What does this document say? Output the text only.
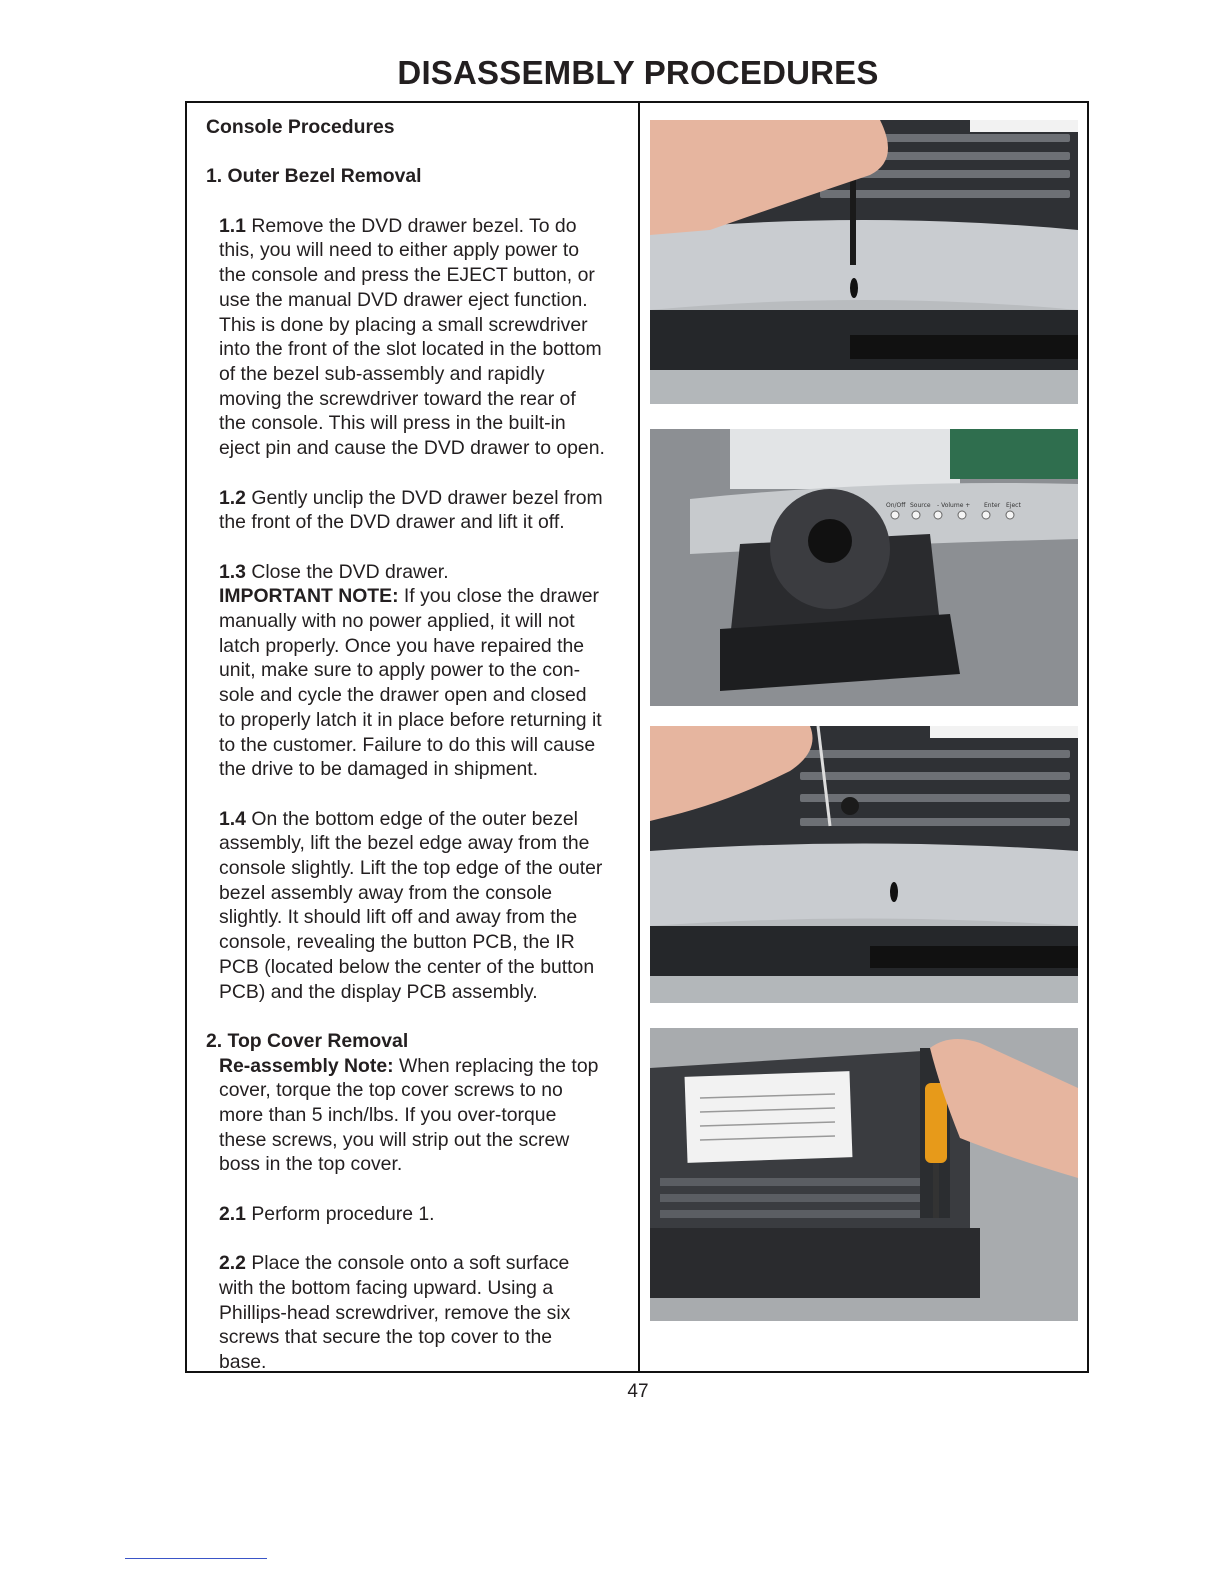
DISASSEMBLY PROCEDURES

Console Procedures

1. Outer Bezel Removal

1.1 Remove the DVD drawer bezel. To do

this, you will need to either apply power to

the console and press the EJECT button, or

use the manual DVD drawer eject function.

This is done by placing a small screwdriver

into the front of the slot located in the bottom

of the bezel sub-assembly and rapidly

moving the screwdriver toward the rear of

the console. This will press in the built-in

eject pin and cause the DVD drawer to open.

1.2 Gently unclip the DVD drawer bezel from

the front of the DVD drawer and lift it off.

1.3 Close the DVD drawer.

IMPORTANT NOTE: If you close the drawer

manually with no power applied, it will not

latch properly. Once you have repaired the

unit, make sure to apply power to the con-

sole and cycle the drawer open and closed

to properly latch it in place before returning it

to the customer. Failure to do this will cause

the drive to be damaged in shipment.

1.4 On the bottom edge of the outer bezel

assembly, lift the bezel edge away from the

console slightly. Lift the top edge of the outer

bezel assembly away from the console

slightly. It should lift off and away from the

console, revealing the button PCB, the IR

PCB (located below the center of the button

PCB) and the display PCB assembly.

2. Top Cover Removal

Re-assembly Note: When replacing the top

cover, torque the top cover screws to no

more than 5 inch/lbs. If you over-torque

these screws, you will strip out the screw

boss in the top cover.

2.1 Perform procedure 1.

2.2 Place the console onto a soft surface

with the bottom facing upward. Using a

Phillips-head screwdriver, remove the six

screws that secure the top cover to the

base.

On/Off Source - Volume + Enter Eject
47
